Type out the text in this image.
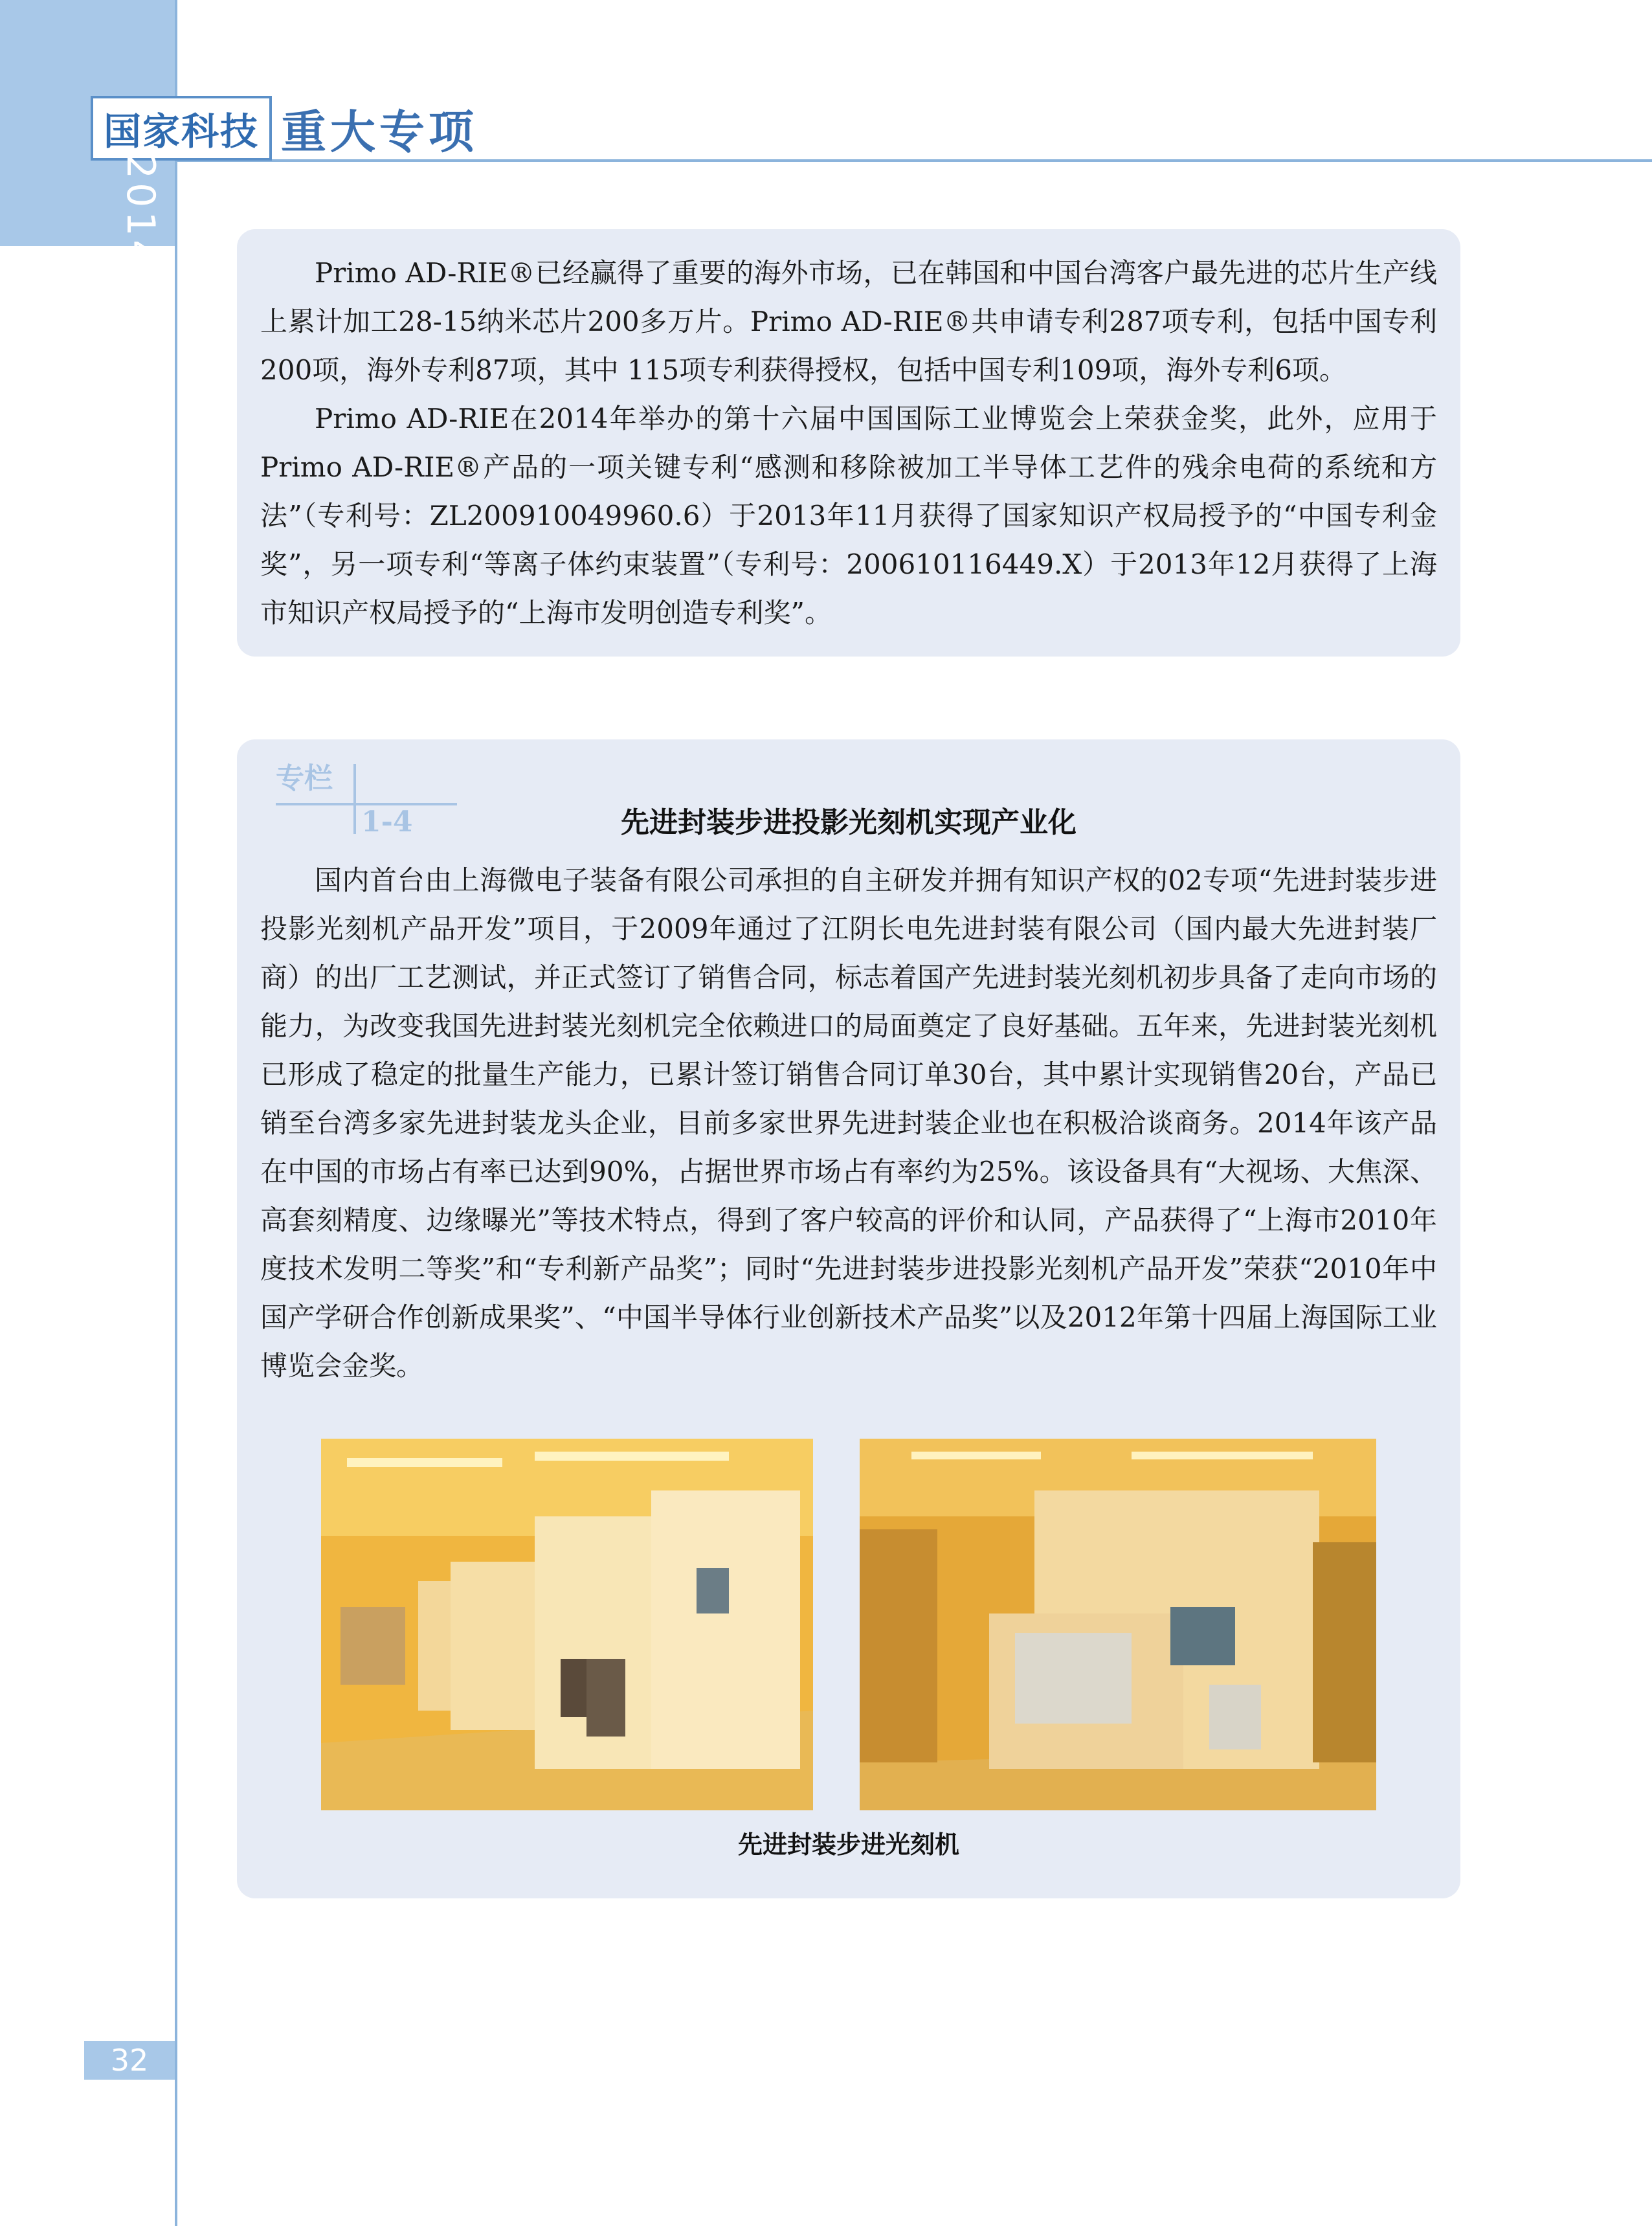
国家科技 重大专项
2014 年度报告	Primo AD-RIE®已经赢得了重要的海外市场，已在韩国和中国台湾客户最先进的芯片生产线上累计加工28-15纳米芯片200多万片。Primo AD-RIE®共申请专利287项专利，包括中国专利200项，海外专利87项，其中 115项专利获得授权，包括中国专利109项，海外专利6项。

Primo AD-RIE在2014年举办的第十六届中国国际工业博览会上荣获金奖，此外，应用于Primo AD-RIE®产品的一项关键专利“感测和移除被加工半导体工艺件的残余电荷的系统和方法”（专利号：ZL200910049960.6）于2013年11月获得了国家知识产权局授予的“中国专利金奖”，另一项专利“等离子体约束装置”（专利号：200610116449.X）于2013年12月获得了上海市知识产权局授予的“上海市发明创造专利奖”。

专栏
1-4	先进封装步进投影光刻机实现产业化

国内首台由上海微电子装备有限公司承担的自主研发并拥有知识产权的02专项“先进封装步进投影光刻机产品开发”项目，于2009年通过了江阴长电先进封装有限公司（国内最大先进封装厂商）的出厂工艺测试，并正式签订了销售合同，标志着国产先进封装光刻机初步具备了走向市场的能力，为改变我国先进封装光刻机完全依赖进口的局面奠定了良好基础。五年来，先进封装光刻机已形成了稳定的批量生产能力，已累计签订销售合同订单30台，其中累计实现销售20台，产品已销至台湾多家先进封装龙头企业，目前多家世界先进封装企业也在积极洽谈商务。2014年该产品在中国的市场占有率已达到90%，占据世界市场占有率约为25%。该设备具有“大视场、大焦深、高套刻精度、边缘曝光”等技术特点，得到了客户较高的评价和认同，产品获得了“上海市2010年度技术发明二等奖”和“专利新产品奖”；同时“先进封装步进投影光刻机产品开发”荣获“2010年中国产学研合作创新成果奖”、“中国半导体行业创新技术产品奖”以及2012年第十四届上海国际工业博览会金奖。

先进封装步进光刻机
32
